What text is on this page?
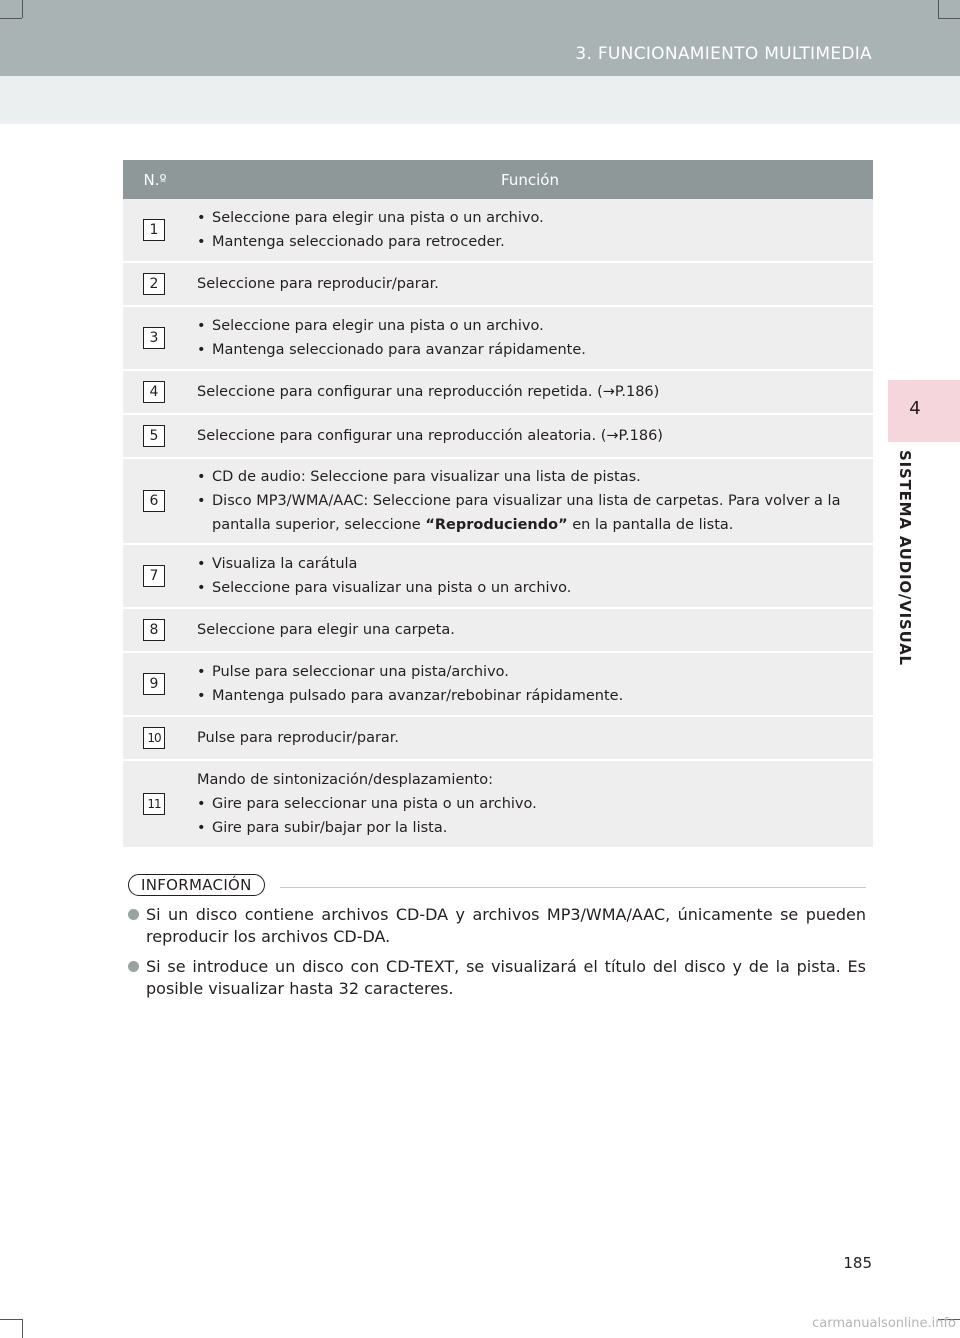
3. FUNCIONAMIENTO MULTIMEDIA
4
SISTEMA AUDIO/VISUAL
N.º	Función
1
• Seleccione para elegir una pista o un archivo.
• Mantenga seleccionado para retroceder.
2	Seleccione para reproducir/parar.
3
• Seleccione para elegir una pista o un archivo.
• Mantenga seleccionado para avanzar rápidamente.
4	Seleccione para configurar una reproducción repetida. (→P.186)
5	Seleccione para configurar una reproducción aleatoria. (→P.186)
6
• CD de audio: Seleccione para visualizar una lista de pistas.
• Disco MP3/WMA/AAC: Seleccione para visualizar una lista de carpetas. Para volver a la pantalla superior, seleccione “Reproduciendo” en la pantalla de lista.
7
• Visualiza la carátula
• Seleccione para visualizar una pista o un archivo.
8	Seleccione para elegir una carpeta.
9
• Pulse para seleccionar una pista/archivo.
• Mantenga pulsado para avanzar/rebobinar rápidamente.
10	Pulse para reproducir/parar.
11
Mando de sintonización/desplazamiento:
• Gire para seleccionar una pista o un archivo.
• Gire para subir/bajar por la lista.
INFORMACIÓN
Si un disco contiene archivos CD-DA y archivos MP3/WMA/AAC, únicamente se pueden reproducir los archivos CD-DA.
Si se introduce un disco con CD-TEXT, se visualizará el título del disco y de la pista. Es posible visualizar hasta 32 caracteres.
185
carmanualsonline.info
